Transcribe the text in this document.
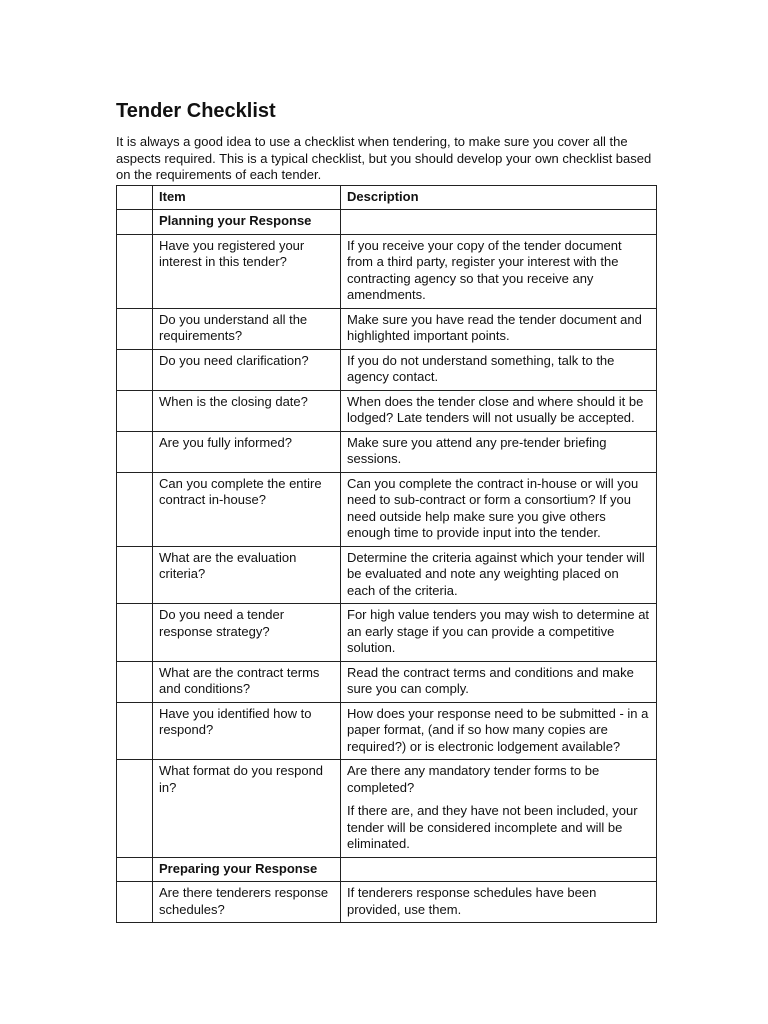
Tender Checklist

It is always a good idea to use a checklist when tendering, to make sure you cover all the aspects required. This is a typical checklist, but you should develop your own checklist based on the requirements of each tender.

	Item	Description
	Planning your Response	
	Have you registered your interest in this tender?	If you receive your copy of the tender document from a third party, register your interest with the contracting agency so that you receive any amendments.

	Do you understand all the requirements?	Make sure you have read the tender document and highlighted important points.

	Do you need clarification?	If you do not understand something, talk to the agency contact.

	When is the closing date?	When does the tender close and where should it be lodged? Late tenders will not usually be accepted.

	Are you fully informed?	Make sure you attend any pre-tender briefing sessions.

	Can you complete the entire contract in-house?	Can you complete the contract in-house or will you need to sub-contract or form a consortium? If you need outside help make sure you give others enough time to provide input into the tender.

	What are the evaluation criteria?	Determine the criteria against which your tender will be evaluated and note any weighting placed on each of the criteria.

	Do you need a tender response strategy?	For high value tenders you may wish to determine at an early stage if you can provide a competitive solution.

	What are the contract terms and conditions?	Read the contract terms and conditions and make sure you can comply.

	Have you identified how to respond?	How does your response need to be submitted - in a paper format, (and if so how many copies are required?) or is electronic lodgement available?

	What format do you respond in?	Are there any mandatory tender forms to be completed?

If there are, and they have not been included, your tender will be considered incomplete and will be eliminated.

	Preparing your Response	
	Are there tenderers response schedules?	If tenderers response schedules have been provided, use them.
